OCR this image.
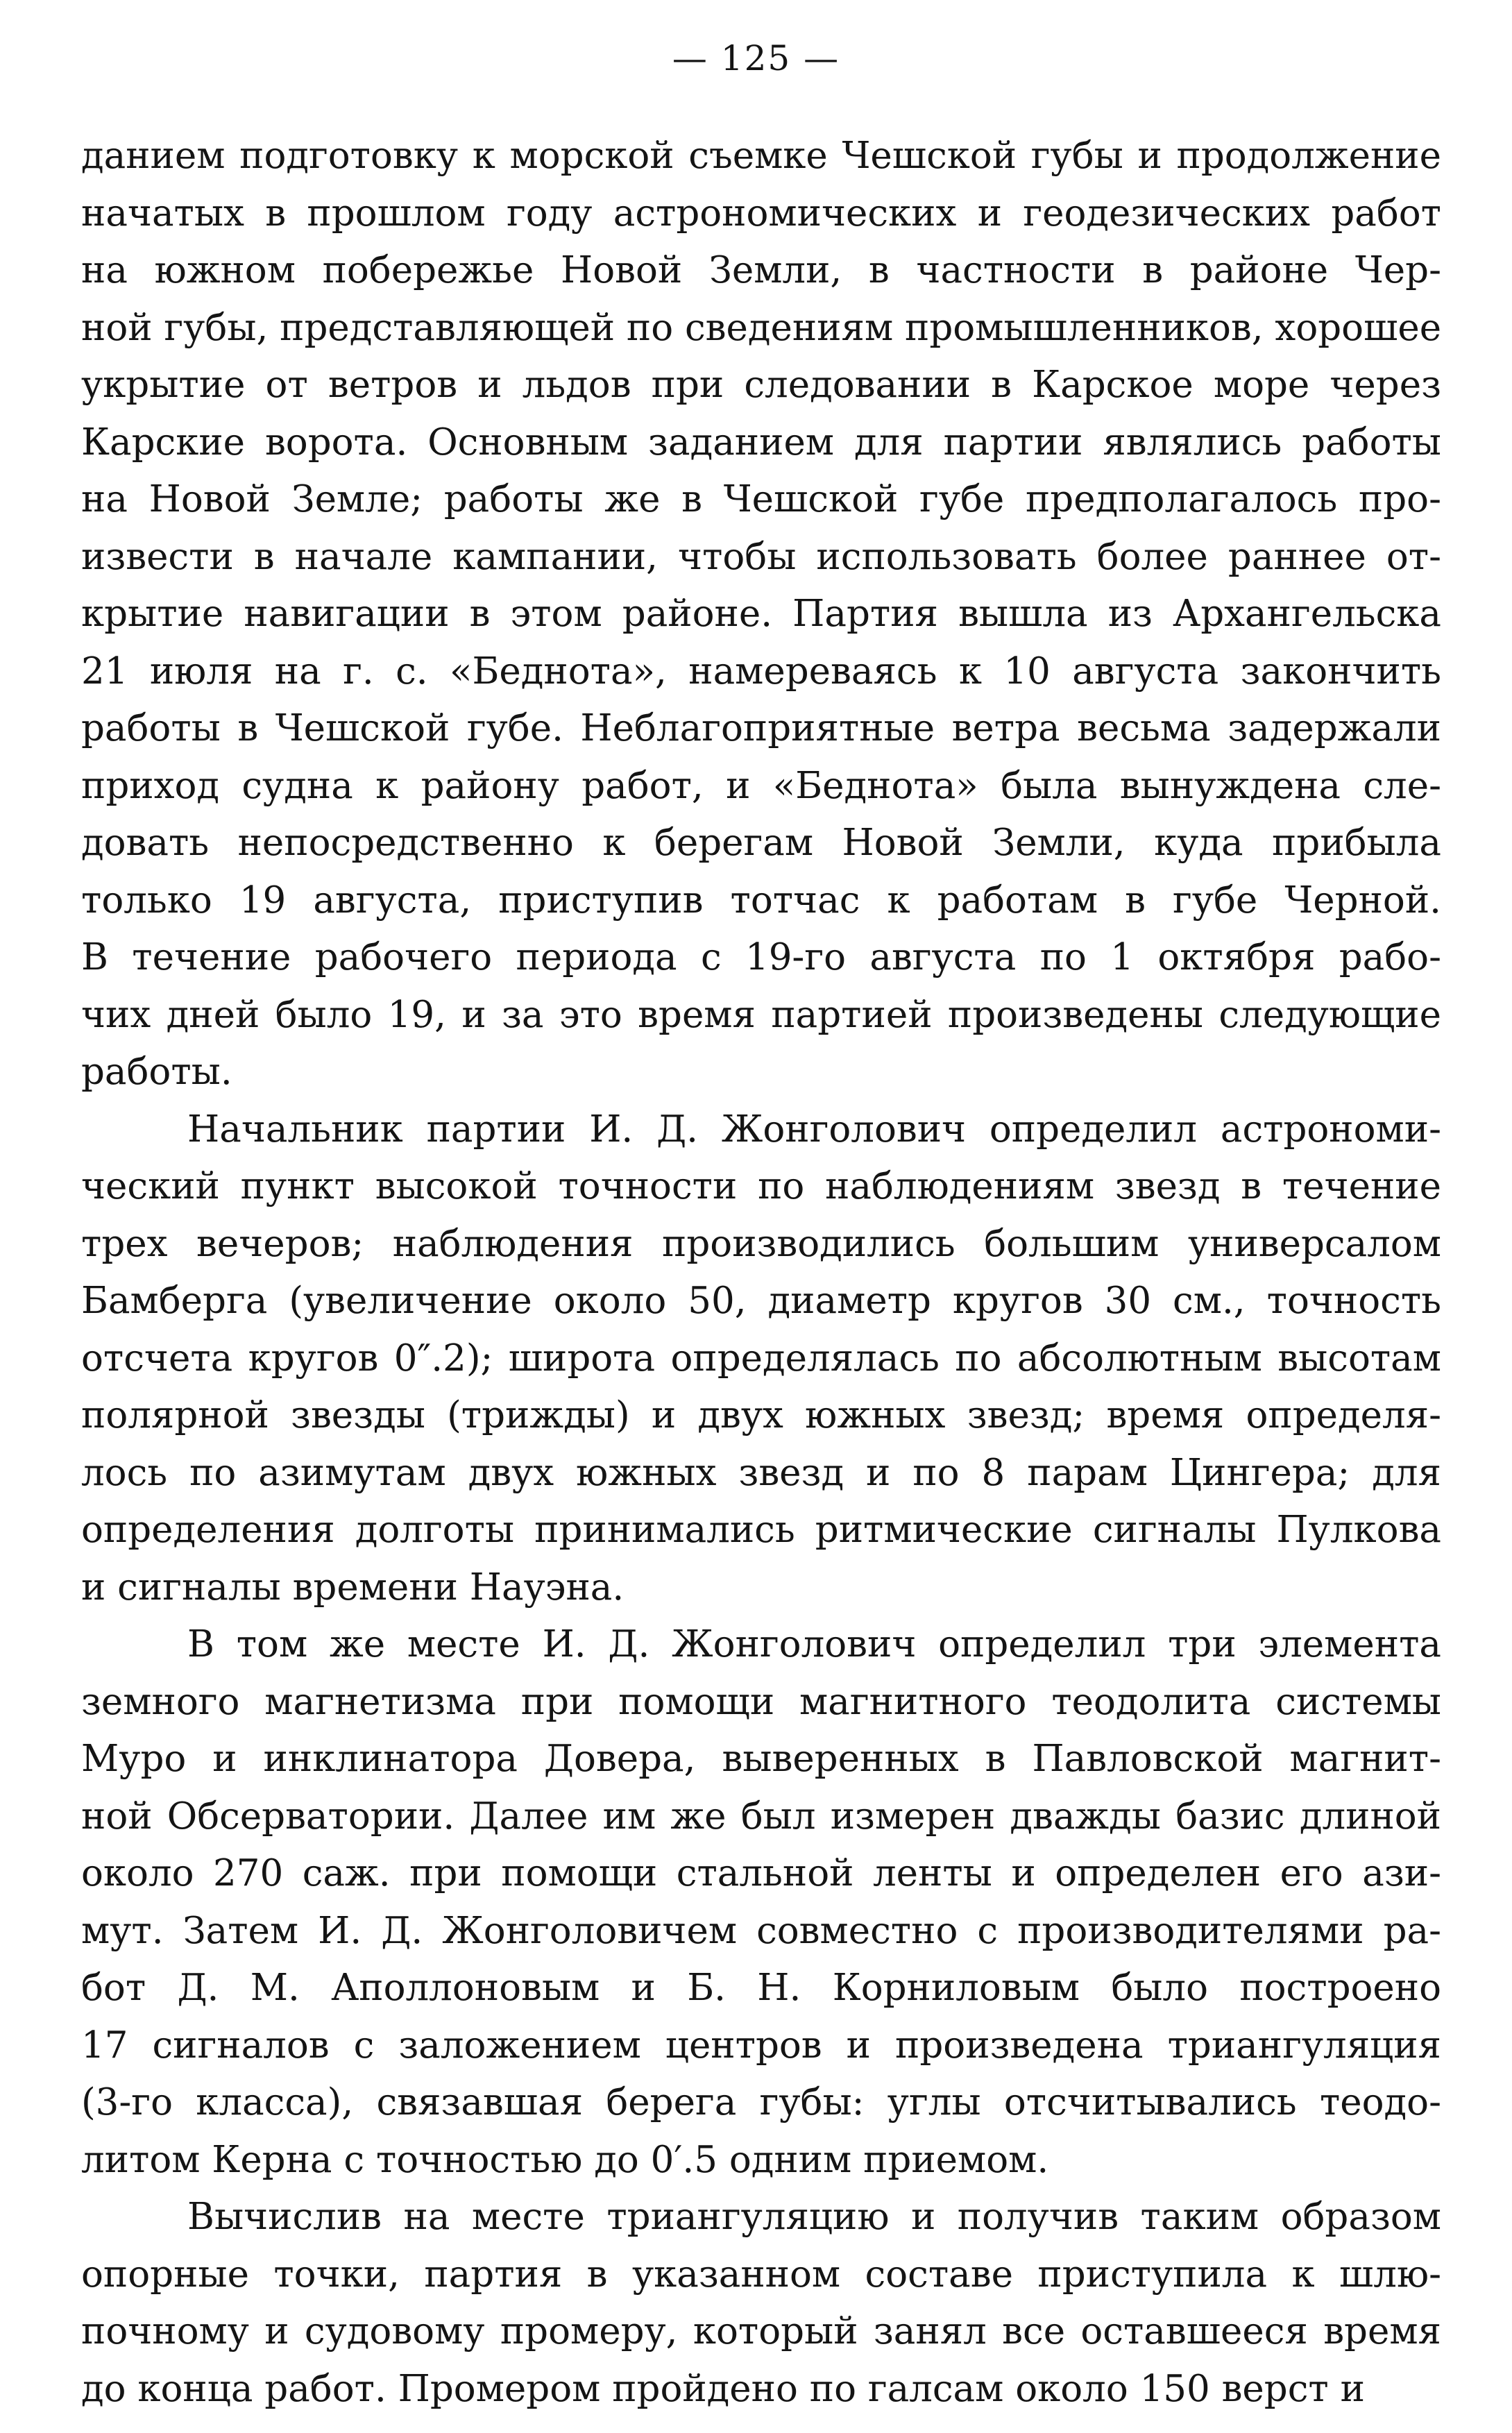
— 125 —
данием подготовку к морской съемке Чешской губы и продолжение
начатых в прошлом году астрономических и геодезических работ
на южном побережье Новой Земли, в частности в районе Чер-
ной губы, представляющей по сведениям промышленников, хорошее
укрытие от ветров и льдов при следовании в Карское море через
Карские ворота. Основным заданием для партии являлись работы
на Новой Земле; работы же в Чешской губе предполагалось про-
извести в начале кампании, чтобы использовать более раннее от-
крытие навигации в этом районе. Партия вышла из Архангельска
21 июля на г. с. «Беднота», намереваясь к 10 августа закончить
работы в Чешской губе. Неблагоприятные ветра весьма задержали
приход судна к району работ, и «Беднота» была вынуждена сле-
довать непосредственно к берегам Новой Земли, куда прибыла
только 19 августа, приступив тотчас к работам в губе Черной.
В течение рабочего периода с 19-го августа по 1 октября рабо-
чих дней было 19, и за это время партией произведены следующие
работы.
Начальник партии И. Д. Жонголович определил астрономи-
ческий пункт высокой точности по наблюдениям звезд в течение
трех вечеров; наблюдения производились большим универсалом
Бамберга (увеличение около 50, диаметр кругов 30 см., точность
отсчета кругов 0″.2); широта определялась по абсолютным высотам
полярной звезды (трижды) и двух южных звезд; время определя-
лось по азимутам двух южных звезд и по 8 парам Цингера; для
определения долготы принимались ритмические сигналы Пулкова
и сигналы времени Науэна.
В том же месте И. Д. Жонголович определил три элемента
земного магнетизма при помощи магнитного теодолита системы
Муро и инклинатора Довера, выверенных в Павловской магнит-
ной Обсерватории. Далее им же был измерен дважды базис длиной
около 270 саж. при помощи стальной ленты и определен его ази-
мут. Затем И. Д. Жонголовичем совместно с производителями ра-
бот Д. М. Аполлоновым и Б. Н. Корниловым было построено
17 сигналов с заложением центров и произведена триангуляция
(3-го класса), связавшая берега губы: углы отсчитывались теодо-
литом Керна с точностью до 0′.5 одним приемом.
Вычислив на месте триангуляцию и получив таким образом
опорные точки, партия в указанном составе приступила к шлю-
почному и судовому промеру, который занял все оставшееся время
до конца работ. Промером пройдено по галсам около 150 верст и
